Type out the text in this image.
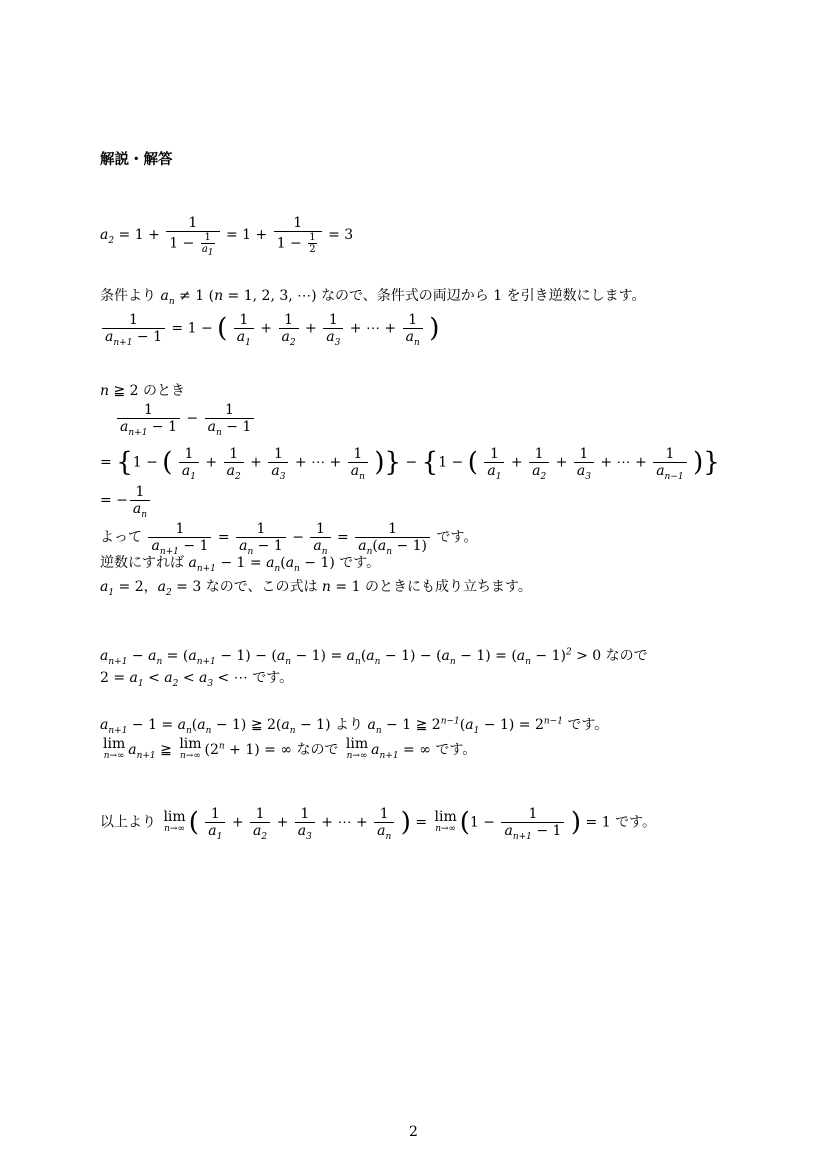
解説・解答
$a_2 = 1 + \frac{1}{1 - \frac{1}{a_1}} = 1 + \frac{1}{1 - \frac{1}{2}} = 3$
条件より $a_n \ne 1$ (n = 1, 2, 3, ⋯) なので、条件式の両辺から 1 を引き逆数にします。
$\frac{1}{a_{n+1} - 1} = 1$ − ( $\frac{1}{a_1} + \frac{1}{a_2} + \frac{1}{a_3}$ + ⋯ + $\frac{1}{a_n}$ )
n ≧ 2 のとき
$\frac{1}{a_{n+1} - 1} - \frac{1}{a_n - 1}$
= {1 − ( $\frac{1}{a_1} + \frac{1}{a_2} + \frac{1}{a_3}$ + ⋯ + $\frac{1}{a_n}$ )} − {1 − ( $\frac{1}{a_1} + \frac{1}{a_2} + \frac{1}{a_3}$ + ⋯ + $\frac{1}{a_{n-1}}$ )}
= − $\frac{1}{a_n}$
よって $\frac{1}{a_{n+1} - 1} = \frac{1}{a_n - 1} - \frac{1}{a_n} = \frac{1}{a_n(a_n - 1)}$ です。
逆数にすれば $a_{n+1} - 1 = a_n(a_n - 1)$ です。
$a_1 = 2$，$a_2 = 3$ なので、この式は n = 1 のときにも成り立ちます。
$a_{n+1} - a_n = (a_{n+1} - 1) - (a_n - 1) = a_n(a_n - 1) - (a_n - 1) = (a_n - 1)^2 > 0$ なので
$2 = a_1 < a_2 < a_3$ < ⋯ です。
$a_{n+1} - 1 = a_n(a_n - 1)$ ≧ $2(a_n - 1)$ より $a_n - 1$ ≧ $2^{n-1}(a_1 - 1) = 2^{n-1}$ です。
lim
n→∞ $a_{n+1}$ ≧ lim
n→∞ $(2^n + 1)$ = ∞ なので lim
n→∞ $a_{n+1}$ = ∞ です。
以上より lim
n→∞ ( $\frac{1}{a_1} + \frac{1}{a_2} + \frac{1}{a_3}$ + ⋯ + $\frac{1}{a_n}$ ) = lim
n→∞ ($1 - \frac{1}{a_{n+1} - 1}$ ) = 1 です。
2
